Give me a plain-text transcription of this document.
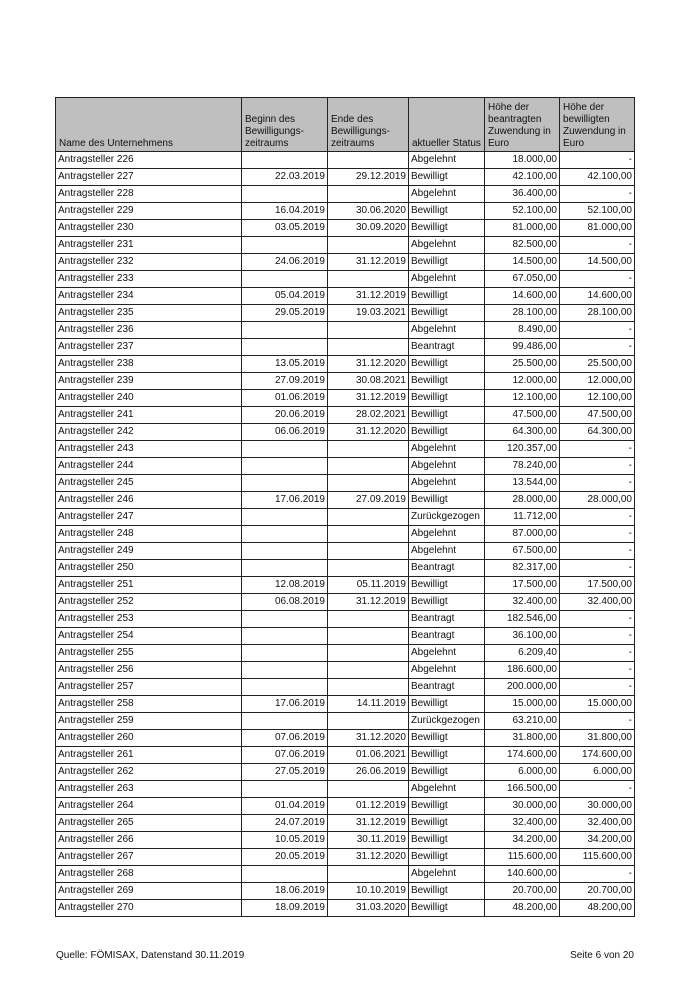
Name des Unternehmens	Beginn des Bewilligungs-zeitraums	Ende des Bewilligungs-zeitraums	aktueller Status	Höhe der beantragten Zuwendung in Euro	Höhe der bewilligten Zuwendung in Euro
Antragsteller 226			Abgelehnt	18.000,00	-
Antragsteller 227	22.03.2019	29.12.2019	Bewilligt	42.100,00	42.100,00
Antragsteller 228			Abgelehnt	36.400,00	-
Antragsteller 229	16.04.2019	30.06.2020	Bewilligt	52.100,00	52.100,00
Antragsteller 230	03.05.2019	30.09.2020	Bewilligt	81.000,00	81.000,00
Antragsteller 231			Abgelehnt	82.500,00	-
Antragsteller 232	24.06.2019	31.12.2019	Bewilligt	14.500,00	14.500,00
Antragsteller 233			Abgelehnt	67.050,00	-
Antragsteller 234	05.04.2019	31.12.2019	Bewilligt	14.600,00	14.600,00
Antragsteller 235	29.05.2019	19.03.2021	Bewilligt	28.100,00	28.100,00
Antragsteller 236			Abgelehnt	8.490,00	-
Antragsteller 237			Beantragt	99.486,00	-
Antragsteller 238	13.05.2019	31.12.2020	Bewilligt	25.500,00	25.500,00
Antragsteller 239	27.09.2019	30.08.2021	Bewilligt	12.000,00	12.000,00
Antragsteller 240	01.06.2019	31.12.2019	Bewilligt	12.100,00	12.100,00
Antragsteller 241	20.06.2019	28.02.2021	Bewilligt	47.500,00	47.500,00
Antragsteller 242	06.06.2019	31.12.2020	Bewilligt	64.300,00	64.300,00
Antragsteller 243			Abgelehnt	120.357,00	-
Antragsteller 244			Abgelehnt	78.240,00	-
Antragsteller 245			Abgelehnt	13.544,00	-
Antragsteller 246	17.06.2019	27.09.2019	Bewilligt	28.000,00	28.000,00
Antragsteller 247			Zurückgezogen	11.712,00	-
Antragsteller 248			Abgelehnt	87.000,00	-
Antragsteller 249			Abgelehnt	67.500,00	-
Antragsteller 250			Beantragt	82.317,00	-
Antragsteller 251	12.08.2019	05.11.2019	Bewilligt	17.500,00	17.500,00
Antragsteller 252	06.08.2019	31.12.2019	Bewilligt	32.400,00	32.400,00
Antragsteller 253			Beantragt	182.546,00	-
Antragsteller 254			Beantragt	36.100,00	-
Antragsteller 255			Abgelehnt	6.209,40	-
Antragsteller 256			Abgelehnt	186.600,00	-
Antragsteller 257			Beantragt	200.000,00	-
Antragsteller 258	17.06.2019	14.11.2019	Bewilligt	15.000,00	15.000,00
Antragsteller 259			Zurückgezogen	63.210,00	-
Antragsteller 260	07.06.2019	31.12.2020	Bewilligt	31.800,00	31.800,00
Antragsteller 261	07.06.2019	01.06.2021	Bewilligt	174.600,00	174.600,00
Antragsteller 262	27.05.2019	26.06.2019	Bewilligt	6.000,00	6.000,00
Antragsteller 263			Abgelehnt	166.500,00	-
Antragsteller 264	01.04.2019	01.12.2019	Bewilligt	30.000,00	30.000,00
Antragsteller 265	24.07.2019	31.12.2019	Bewilligt	32.400,00	32.400,00
Antragsteller 266	10.05.2019	30.11.2019	Bewilligt	34.200,00	34.200,00
Antragsteller 267	20.05.2019	31.12.2020	Bewilligt	115.600,00	115.600,00
Antragsteller 268			Abgelehnt	140.600,00	-
Antragsteller 269	18.06.2019	10.10.2019	Bewilligt	20.700,00	20.700,00
Antragsteller 270	18.09.2019	31.03.2020	Bewilligt	48.200,00	48.200,00
Quelle: FÖMISAX, Datenstand 30.11.2019	Seite 6 von 20
